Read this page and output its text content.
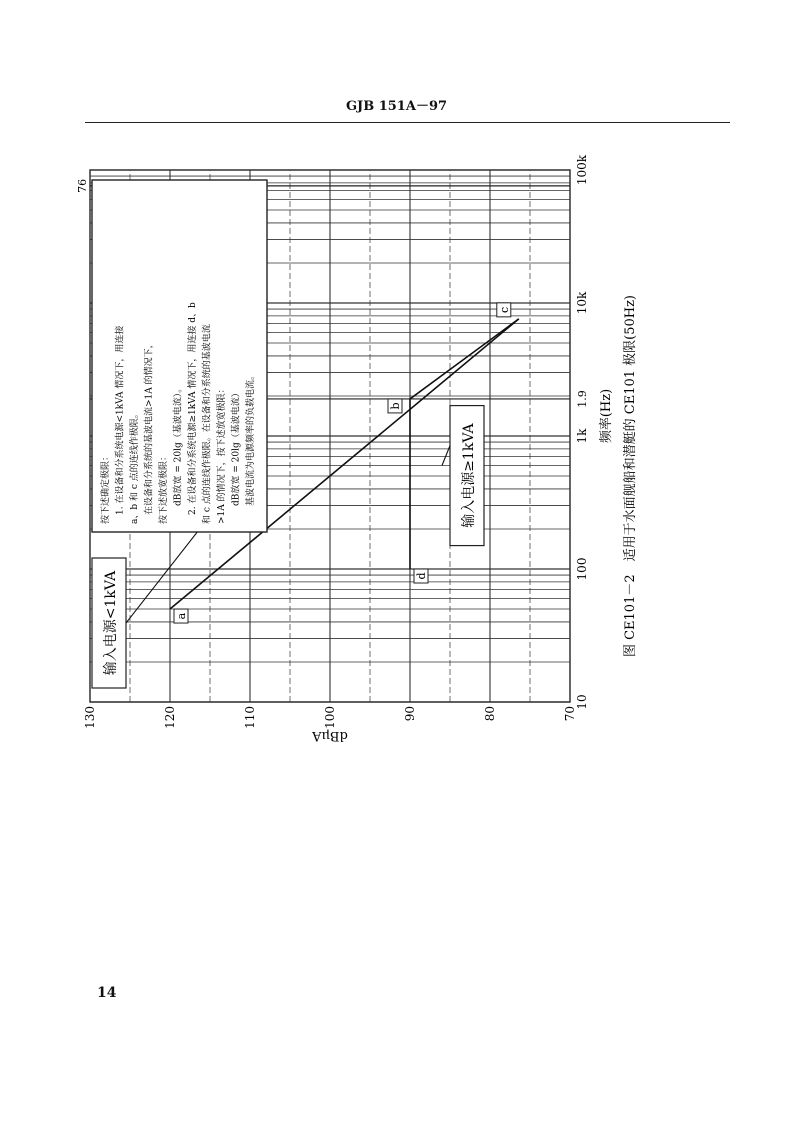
GJB 151A－97
a
b
c
d
输入电源<1kVA
输入电源≥1kVA
按下述确定极限： 　1. 在设备和分系统电源<1kVA 情况下，用连接 a、b 和 c 点的连线作极限。 　在设备和分系统的基波电流>1A 的情况下， 按下述放宽极限： 　　dB放宽 = 20lg（基波电流）。 　2. 在设备和分系统电源≥1kVA 情况下，用连接 d、b 和 c 点的连线作极限。在设备和分系统的基波电流 >1A 的情况下，按下述放宽极限： 　　dB放宽 = 20lg（基波电流） 　　基波电流为电源频率的负载电流。
10
100
1k
10k
100k
70
80
90
100
110
120
130
1.9
76
频率(Hz)
dBμA
图 CE101－2　适用于水面舰船和潜艇的 CE101 极限(50Hz)
14
